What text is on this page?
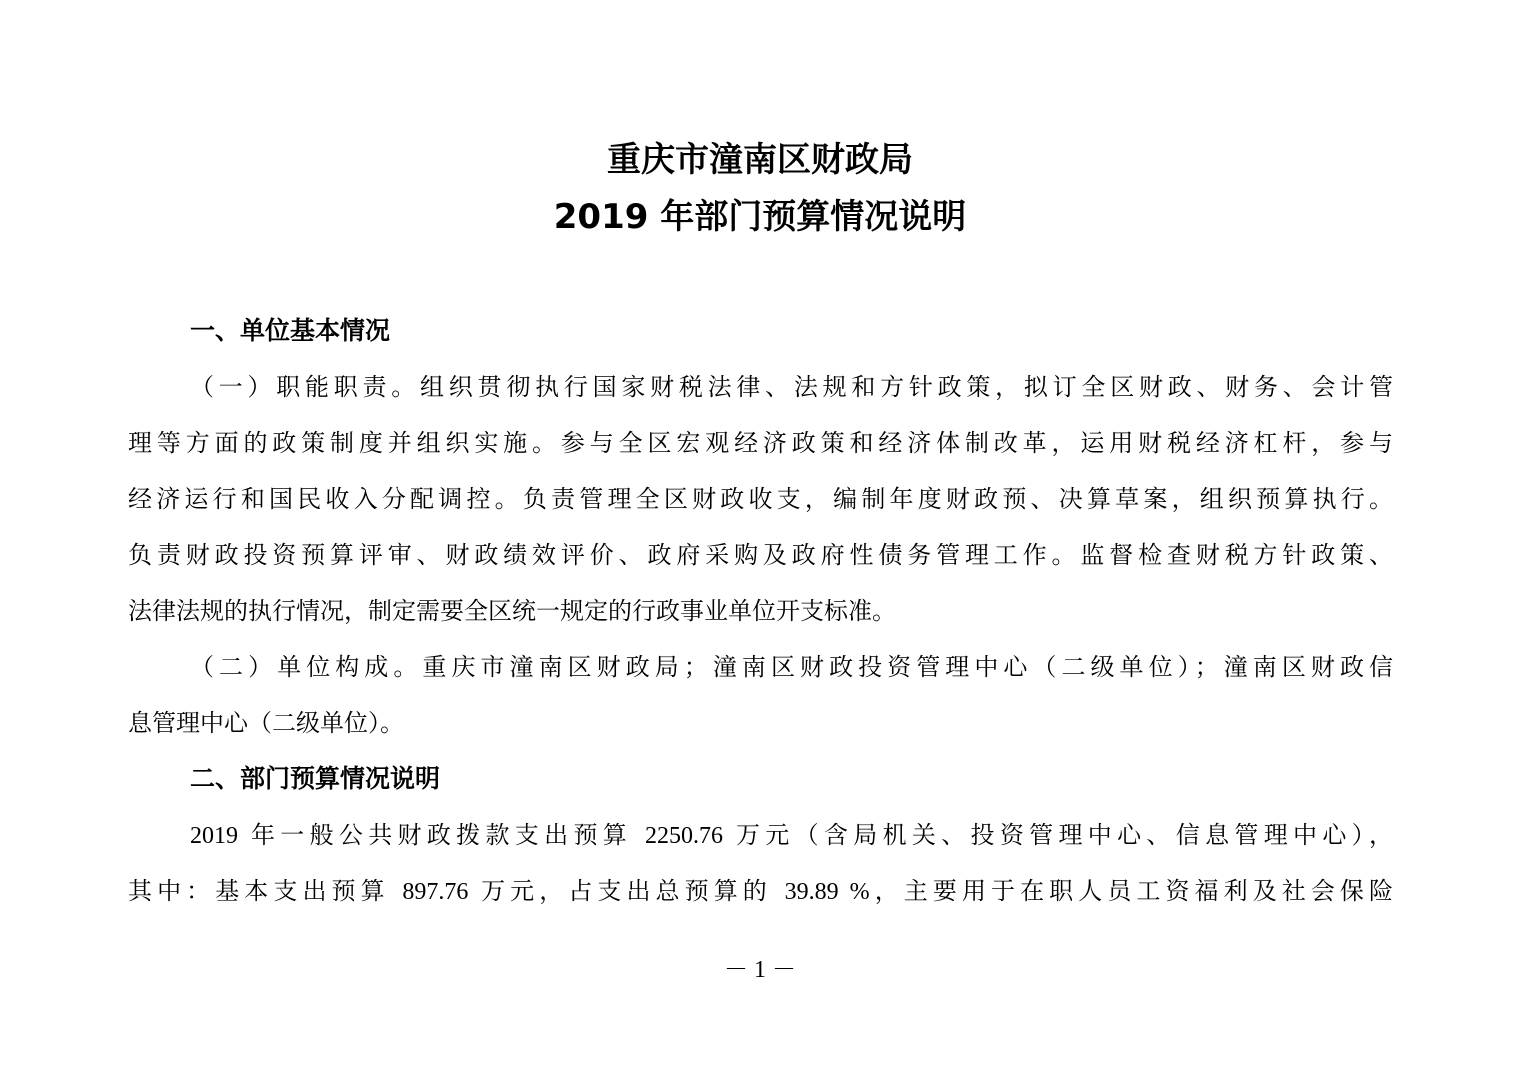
重庆市潼南区财政局
2019 年部门预算情况说明
一、单位基本情况
（一）职能职责。组织贯彻执行国家财税法律、法规和方针政策，拟订全区财政、财务、会计管
理等方面的政策制度并组织实施。参与全区宏观经济政策和经济体制改革，运用财税经济杠杆，参与
经济运行和国民收入分配调控。负责管理全区财政收支，编制年度财政预、决算草案，组织预算执行。
负责财政投资预算评审、财政绩效评价、政府采购及政府性债务管理工作。监督检查财税方针政策、
法律法规的执行情况，制定需要全区统一规定的行政事业单位开支标准。
（二）单位构成。重庆市潼南区财政局；潼南区财政投资管理中心（二级单位）；潼南区财政信
息管理中心（二级单位）。
二、部门预算情况说明
2019 年一般公共财政拨款支出预算 2250.76 万元（含局机关、投资管理中心、信息管理中心），
其中：基本支出预算 897.76 万元，占支出总预算的 39.89 %，主要用于在职人员工资福利及社会保险
－ 1 －
